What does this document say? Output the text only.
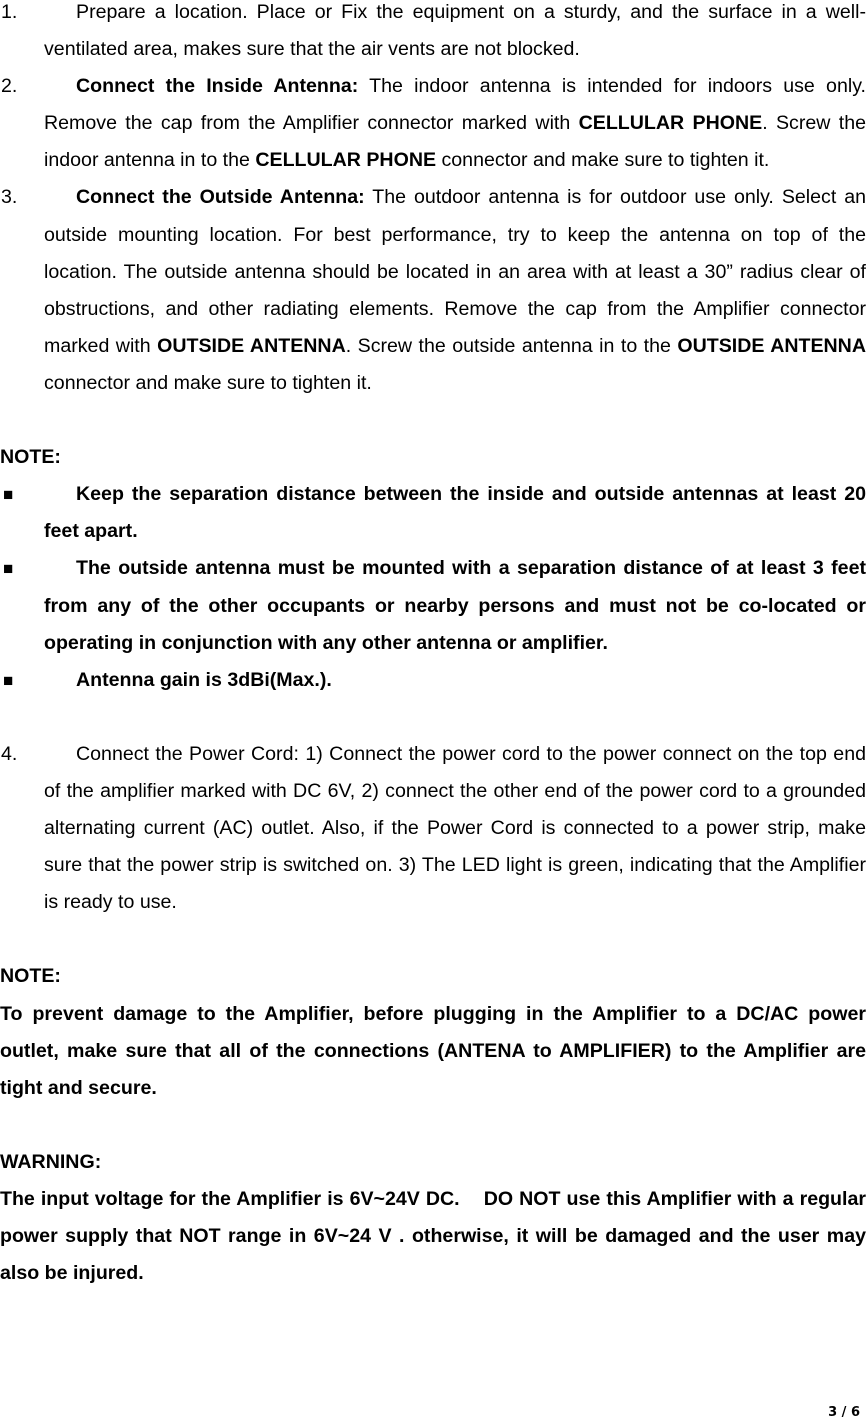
1.	Prepare a location. Place or Fix the equipment on a sturdy, and the surface in a well-ventilated area, makes sure that the air vents are not blocked.
2.	Connect the Inside Antenna: The indoor antenna is intended for indoors use only. Remove the cap from the Amplifier connector marked with CELLULAR PHONE. Screw the indoor antenna in to the CELLULAR PHONE connector and make sure to tighten it.
3.	Connect the Outside Antenna: The outdoor antenna is for outdoor use only. Select an outside mounting location. For best performance, try to keep the antenna on top of the location. The outside antenna should be located in an area with at least a 30” radius clear of obstructions, and other radiating elements. Remove the cap from the Amplifier connector marked with OUTSIDE ANTENNA. Screw the outside antenna in to the OUTSIDE ANTENNA connector and make sure to tighten it.
NOTE:
■	Keep the separation distance between the inside and outside antennas at least 20 feet apart.
■	The outside antenna must be mounted with a separation distance of at least 3 feet from any of the other occupants or nearby persons and must not be co-located or operating in conjunction with any other antenna or amplifier.
■	Antenna gain is 3dBi(Max.).
4.	Connect the Power Cord: 1) Connect the power cord to the power connect on the top end of the amplifier marked with DC 6V, 2) connect the other end of the power cord to a grounded alternating current (AC) outlet. Also, if the Power Cord is connected to a power strip, make sure that the power strip is switched on. 3) The LED light is green, indicating that the Amplifier is ready to use.
NOTE:
To prevent damage to the Amplifier, before plugging in the Amplifier to a DC/AC power outlet, make sure that all of the connections (ANTENA to AMPLIFIER) to the Amplifier are tight and secure.
WARNING:
The input voltage for the Amplifier is 6V~24V DC.    DO NOT use this Amplifier with a regular power supply that NOT range in 6V~24 V . otherwise, it will be damaged and the user may also be injured.
3 / 6
